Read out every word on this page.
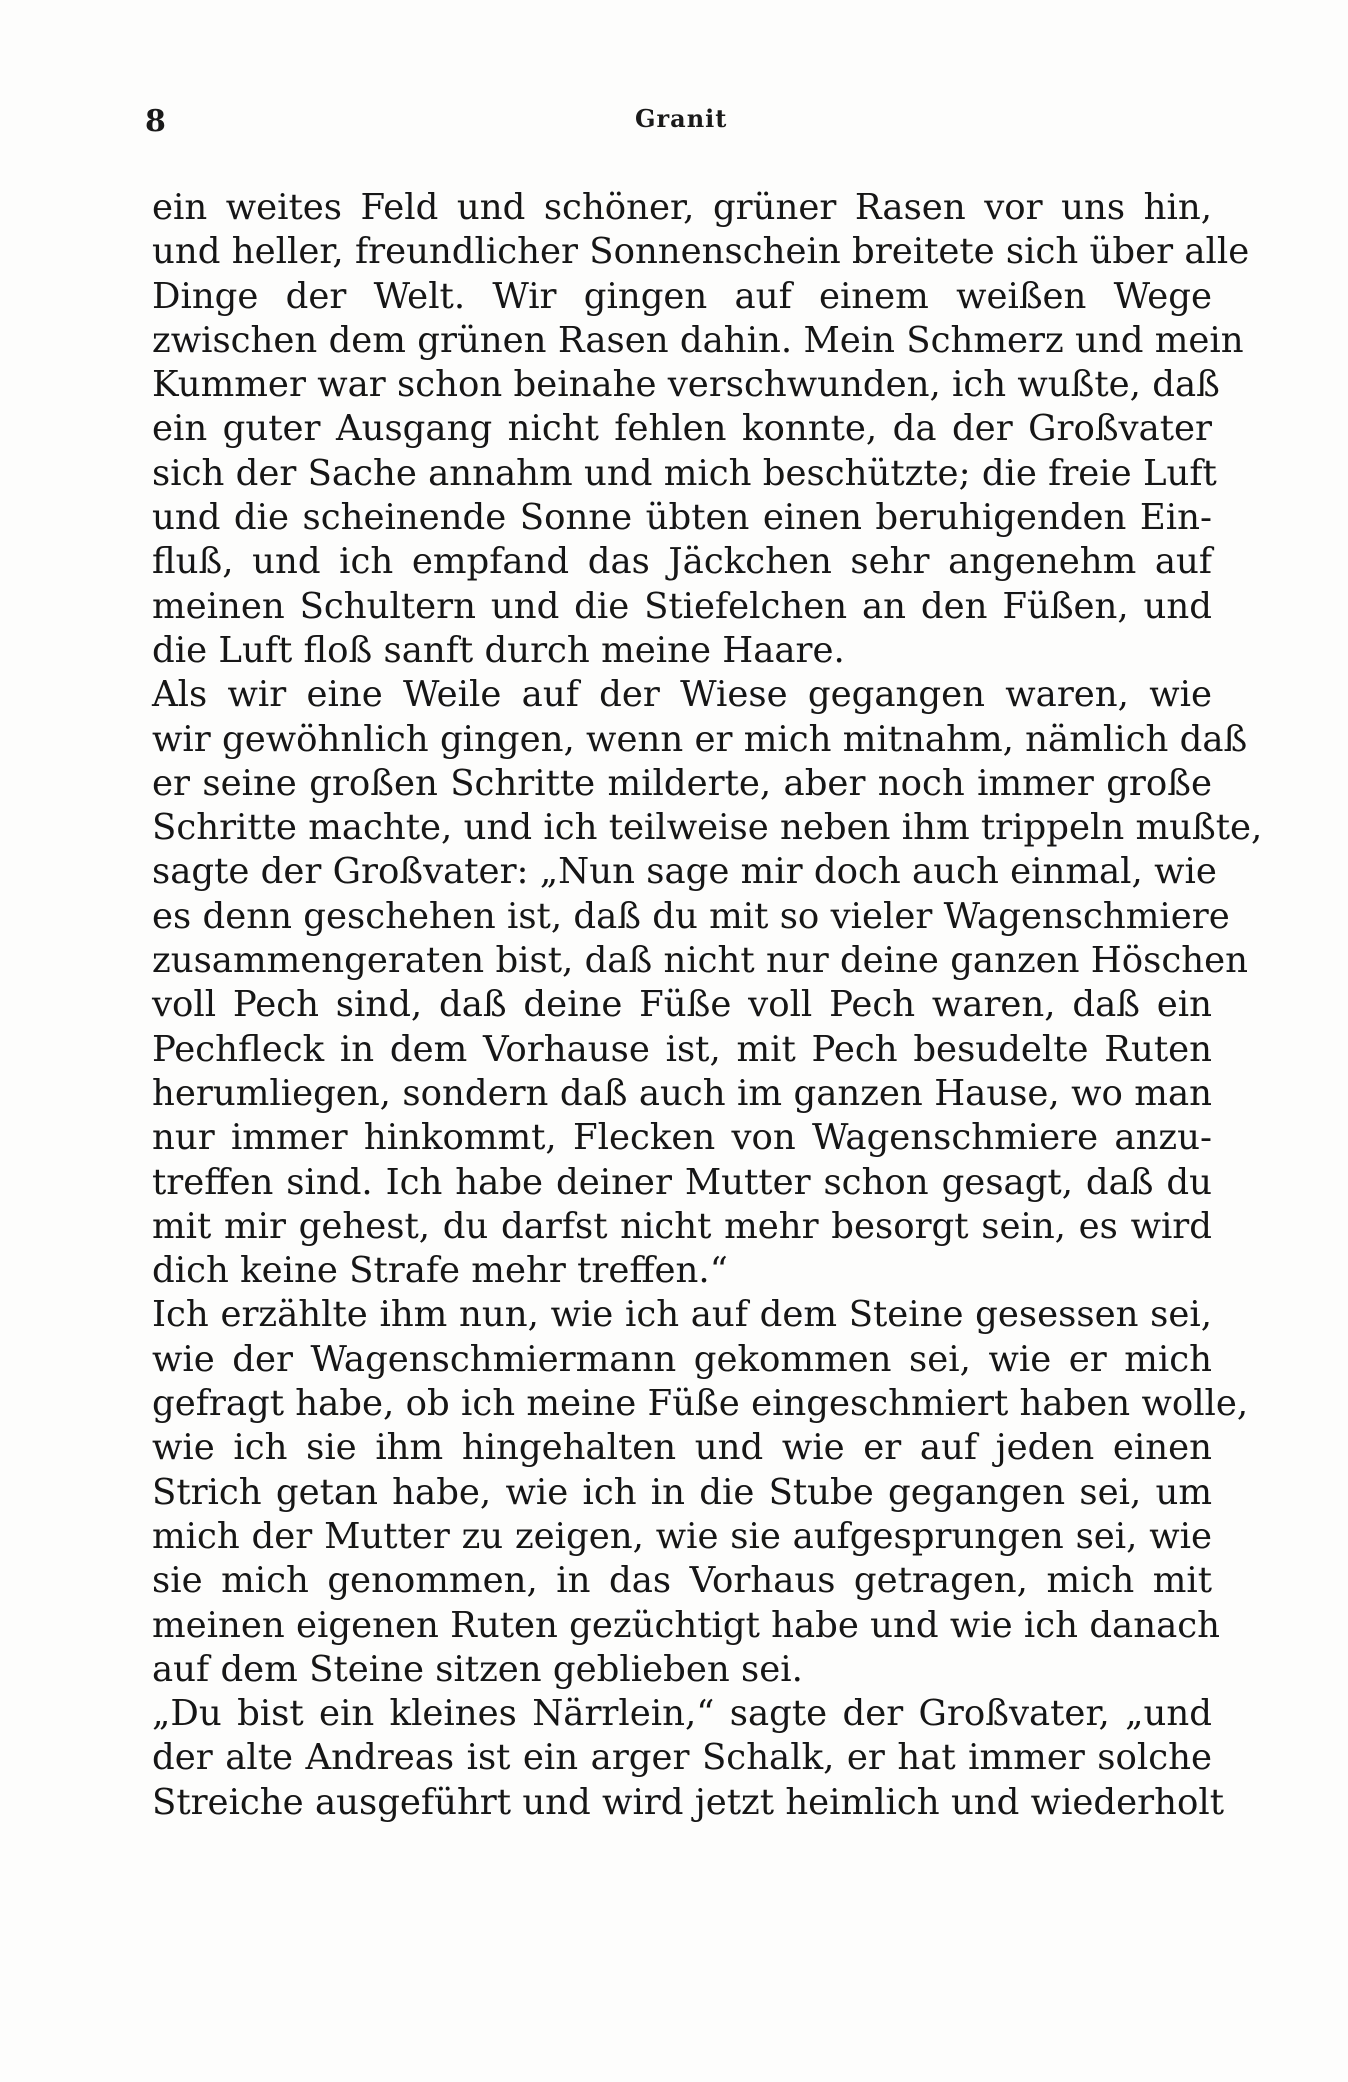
8	Granit
ein weites Feld und schöner, grüner Rasen vor uns hin,
und heller, freundlicher Sonnenschein breitete sich über alle
Dinge der Welt. Wir gingen auf einem weißen Wege
zwischen dem grünen Rasen dahin. Mein Schmerz und mein
Kummer war schon beinahe verschwunden, ich wußte, daß
ein guter Ausgang nicht fehlen konnte, da der Großvater
sich der Sache annahm und mich beschützte; die freie Luft
und die scheinende Sonne übten einen beruhigenden Ein-
fluß, und ich empfand das Jäckchen sehr angenehm auf
meinen Schultern und die Stiefelchen an den Füßen, und
die Luft floß sanft durch meine Haare.
Als wir eine Weile auf der Wiese gegangen waren, wie
wir gewöhnlich gingen, wenn er mich mitnahm, nämlich daß
er seine großen Schritte milderte, aber noch immer große
Schritte machte, und ich teilweise neben ihm trippeln mußte,
sagte der Großvater: „Nun sage mir doch auch einmal, wie
es denn geschehen ist, daß du mit so vieler Wagenschmiere
zusammengeraten bist, daß nicht nur deine ganzen Höschen
voll Pech sind, daß deine Füße voll Pech waren, daß ein
Pechfleck in dem Vorhause ist, mit Pech besudelte Ruten
herumliegen, sondern daß auch im ganzen Hause, wo man
nur immer hinkommt, Flecken von Wagenschmiere anzu-
treffen sind. Ich habe deiner Mutter schon gesagt, daß du
mit mir gehest, du darfst nicht mehr besorgt sein, es wird
dich keine Strafe mehr treffen.“
Ich erzählte ihm nun, wie ich auf dem Steine gesessen sei,
wie der Wagenschmiermann gekommen sei, wie er mich
gefragt habe, ob ich meine Füße eingeschmiert haben wolle,
wie ich sie ihm hingehalten und wie er auf jeden einen
Strich getan habe, wie ich in die Stube gegangen sei, um
mich der Mutter zu zeigen, wie sie aufgesprungen sei, wie
sie mich genommen, in das Vorhaus getragen, mich mit
meinen eigenen Ruten gezüchtigt habe und wie ich danach
auf dem Steine sitzen geblieben sei.
„Du bist ein kleines Närrlein,“ sagte der Großvater, „und
der alte Andreas ist ein arger Schalk, er hat immer solche
Streiche ausgeführt und wird jetzt heimlich und wiederholt
